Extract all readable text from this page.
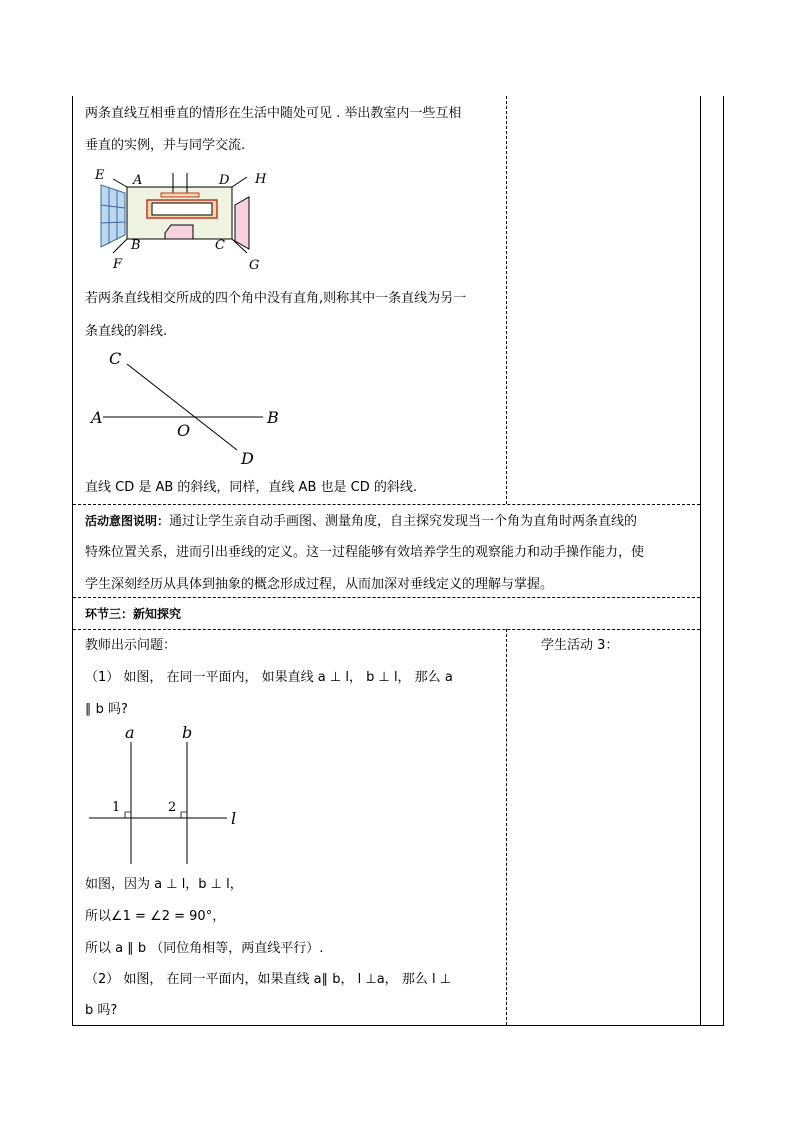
两条直线互相垂直的情形在生活中随处可见 . 举出教室内一些互相
垂直的实例，并与同学交流.
E A	D H
B
F
C
G
若两条直线相交所成的四个角中没有直角,则称其中一条直线为另一
条直线的斜线.
C
A
O
B
D
直线 CD 是 AB 的斜线，同样，直线 AB 也是 CD 的斜线.
活动意图说明：通过让学生亲自动手画图、测量角度，自主探究发现当一个角为直角时两条直线的
特殊位置关系，进而引出垂线的定义。这一过程能够有效培养学生的观察能力和动手操作能力，使
学生深刻经历从具体到抽象的概念形成过程，从而加深对垂线定义的理解与掌握。
环节三：新知探究
教师出示问题：	学生活动 3：
（1） 如图， 在同一平面内， 如果直线 a ⊥ l， b ⊥ l， 那么 a
∥ b 吗?
a	b
1	2
l
如图，因为 a ⊥ l，b ⊥ l，
所以∠1 = ∠2 = 90°，
所以 a ∥ b （同位角相等，两直线平行）.
（2） 如图， 在同一平面内，如果直线 a∥ b， l ⊥a， 那么 l ⊥
b 吗?
